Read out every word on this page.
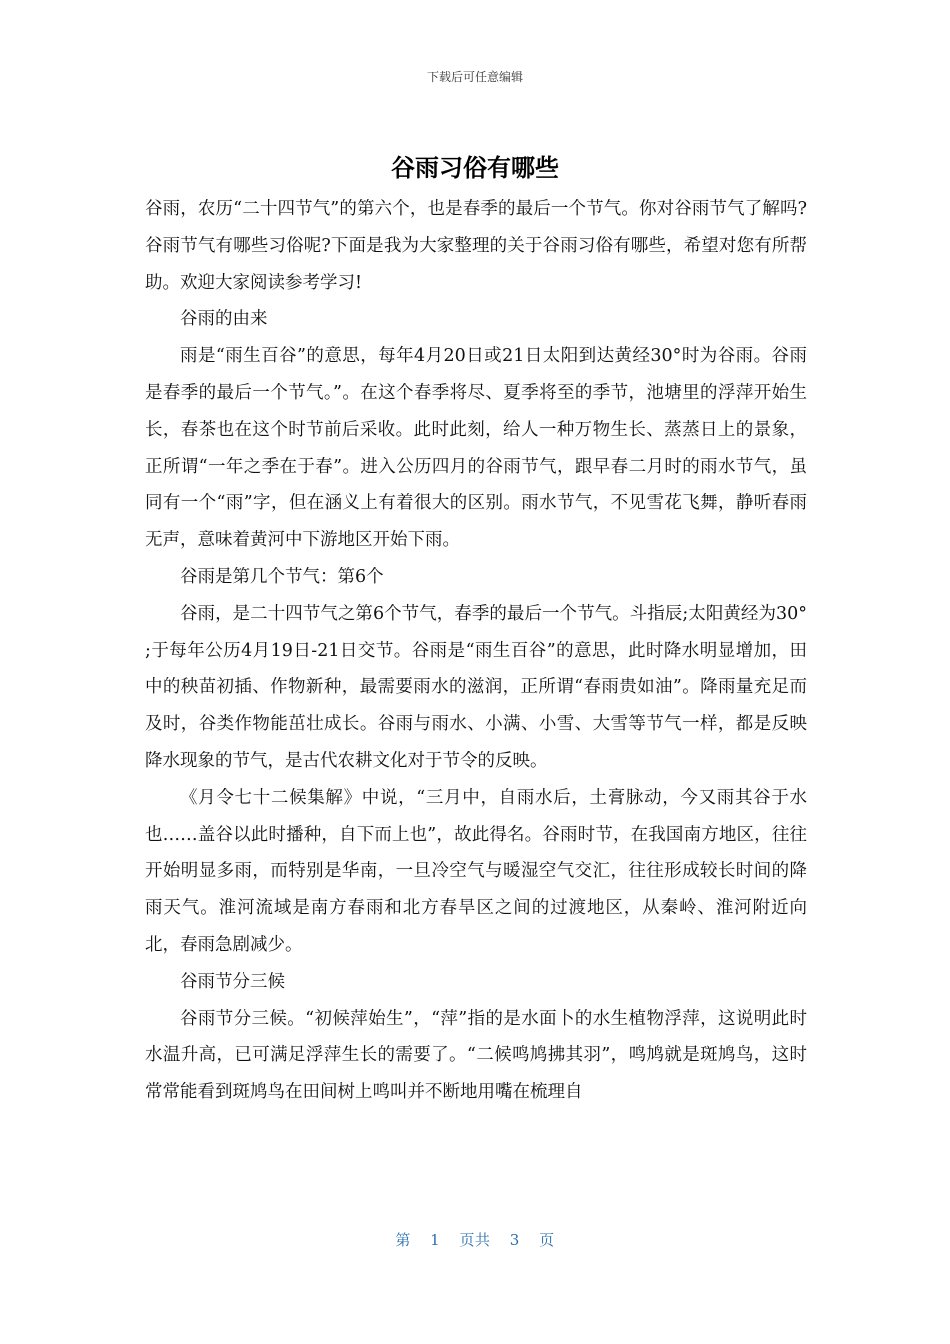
下载后可任意编辑
谷雨习俗有哪些

谷雨，农历“二十四节气”的第六个，也是春季的最后一个节气。你对谷雨节气了解吗?谷雨节气有哪些习俗呢?下面是我为大家整理的关于谷雨习俗有哪些，希望对您有所帮助。欢迎大家阅读参考学习!

谷雨的由来

雨是“雨生百谷”的意思，每年4月20日或21日太阳到达黄经30°时为谷雨。谷雨是春季的最后一个节气。”。在这个春季将尽、夏季将至的季节，池塘里的浮萍开始生长，春茶也在这个时节前后采收。此时此刻，给人一种万物生长、蒸蒸日上的景象，正所谓“一年之季在于春”。进入公历四月的谷雨节气，跟早春二月时的雨水节气，虽同有一个“雨”字，但在涵义上有着很大的区别。雨水节气，不见雪花飞舞，静听春雨无声，意味着黄河中下游地区开始下雨。

谷雨是第几个节气：第6个

谷雨，是二十四节气之第6个节气，春季的最后一个节气。斗指辰;太阳黄经为30° ;于每年公历4月19日-21日交节。谷雨是“雨生百谷”的意思，此时降水明显增加，田中的秧苗初插、作物新种，最需要雨水的滋润，正所谓“春雨贵如油”。降雨量充足而及时，谷类作物能茁壮成长。谷雨与雨水、小满、小雪、大雪等节气一样，都是反映降水现象的节气，是古代农耕文化对于节令的反映。

《月令七十二候集解》中说，“三月中，自雨水后，土膏脉动，今又雨其谷于水也……盖谷以此时播种，自下而上也”，故此得名。谷雨时节，在我国南方地区，往往开始明显多雨，而特别是华南，一旦冷空气与暖湿空气交汇，往往形成较长时间的降雨天气。淮河流域是南方春雨和北方春旱区之间的过渡地区，从秦岭、淮河附近向北，春雨急剧减少。

谷雨节分三候

谷雨节分三候。“初候萍始生”，“萍”指的是水面卜的水生植物浮萍，这说明此时水温升高，已可满足浮萍生长的需要了。“二候鸣鸠拂其羽”，鸣鸠就是斑鸠鸟，这时常常能看到斑鸠鸟在田间树上鸣叫并不断地用嘴在梳理自

第 1 页共 3 页
